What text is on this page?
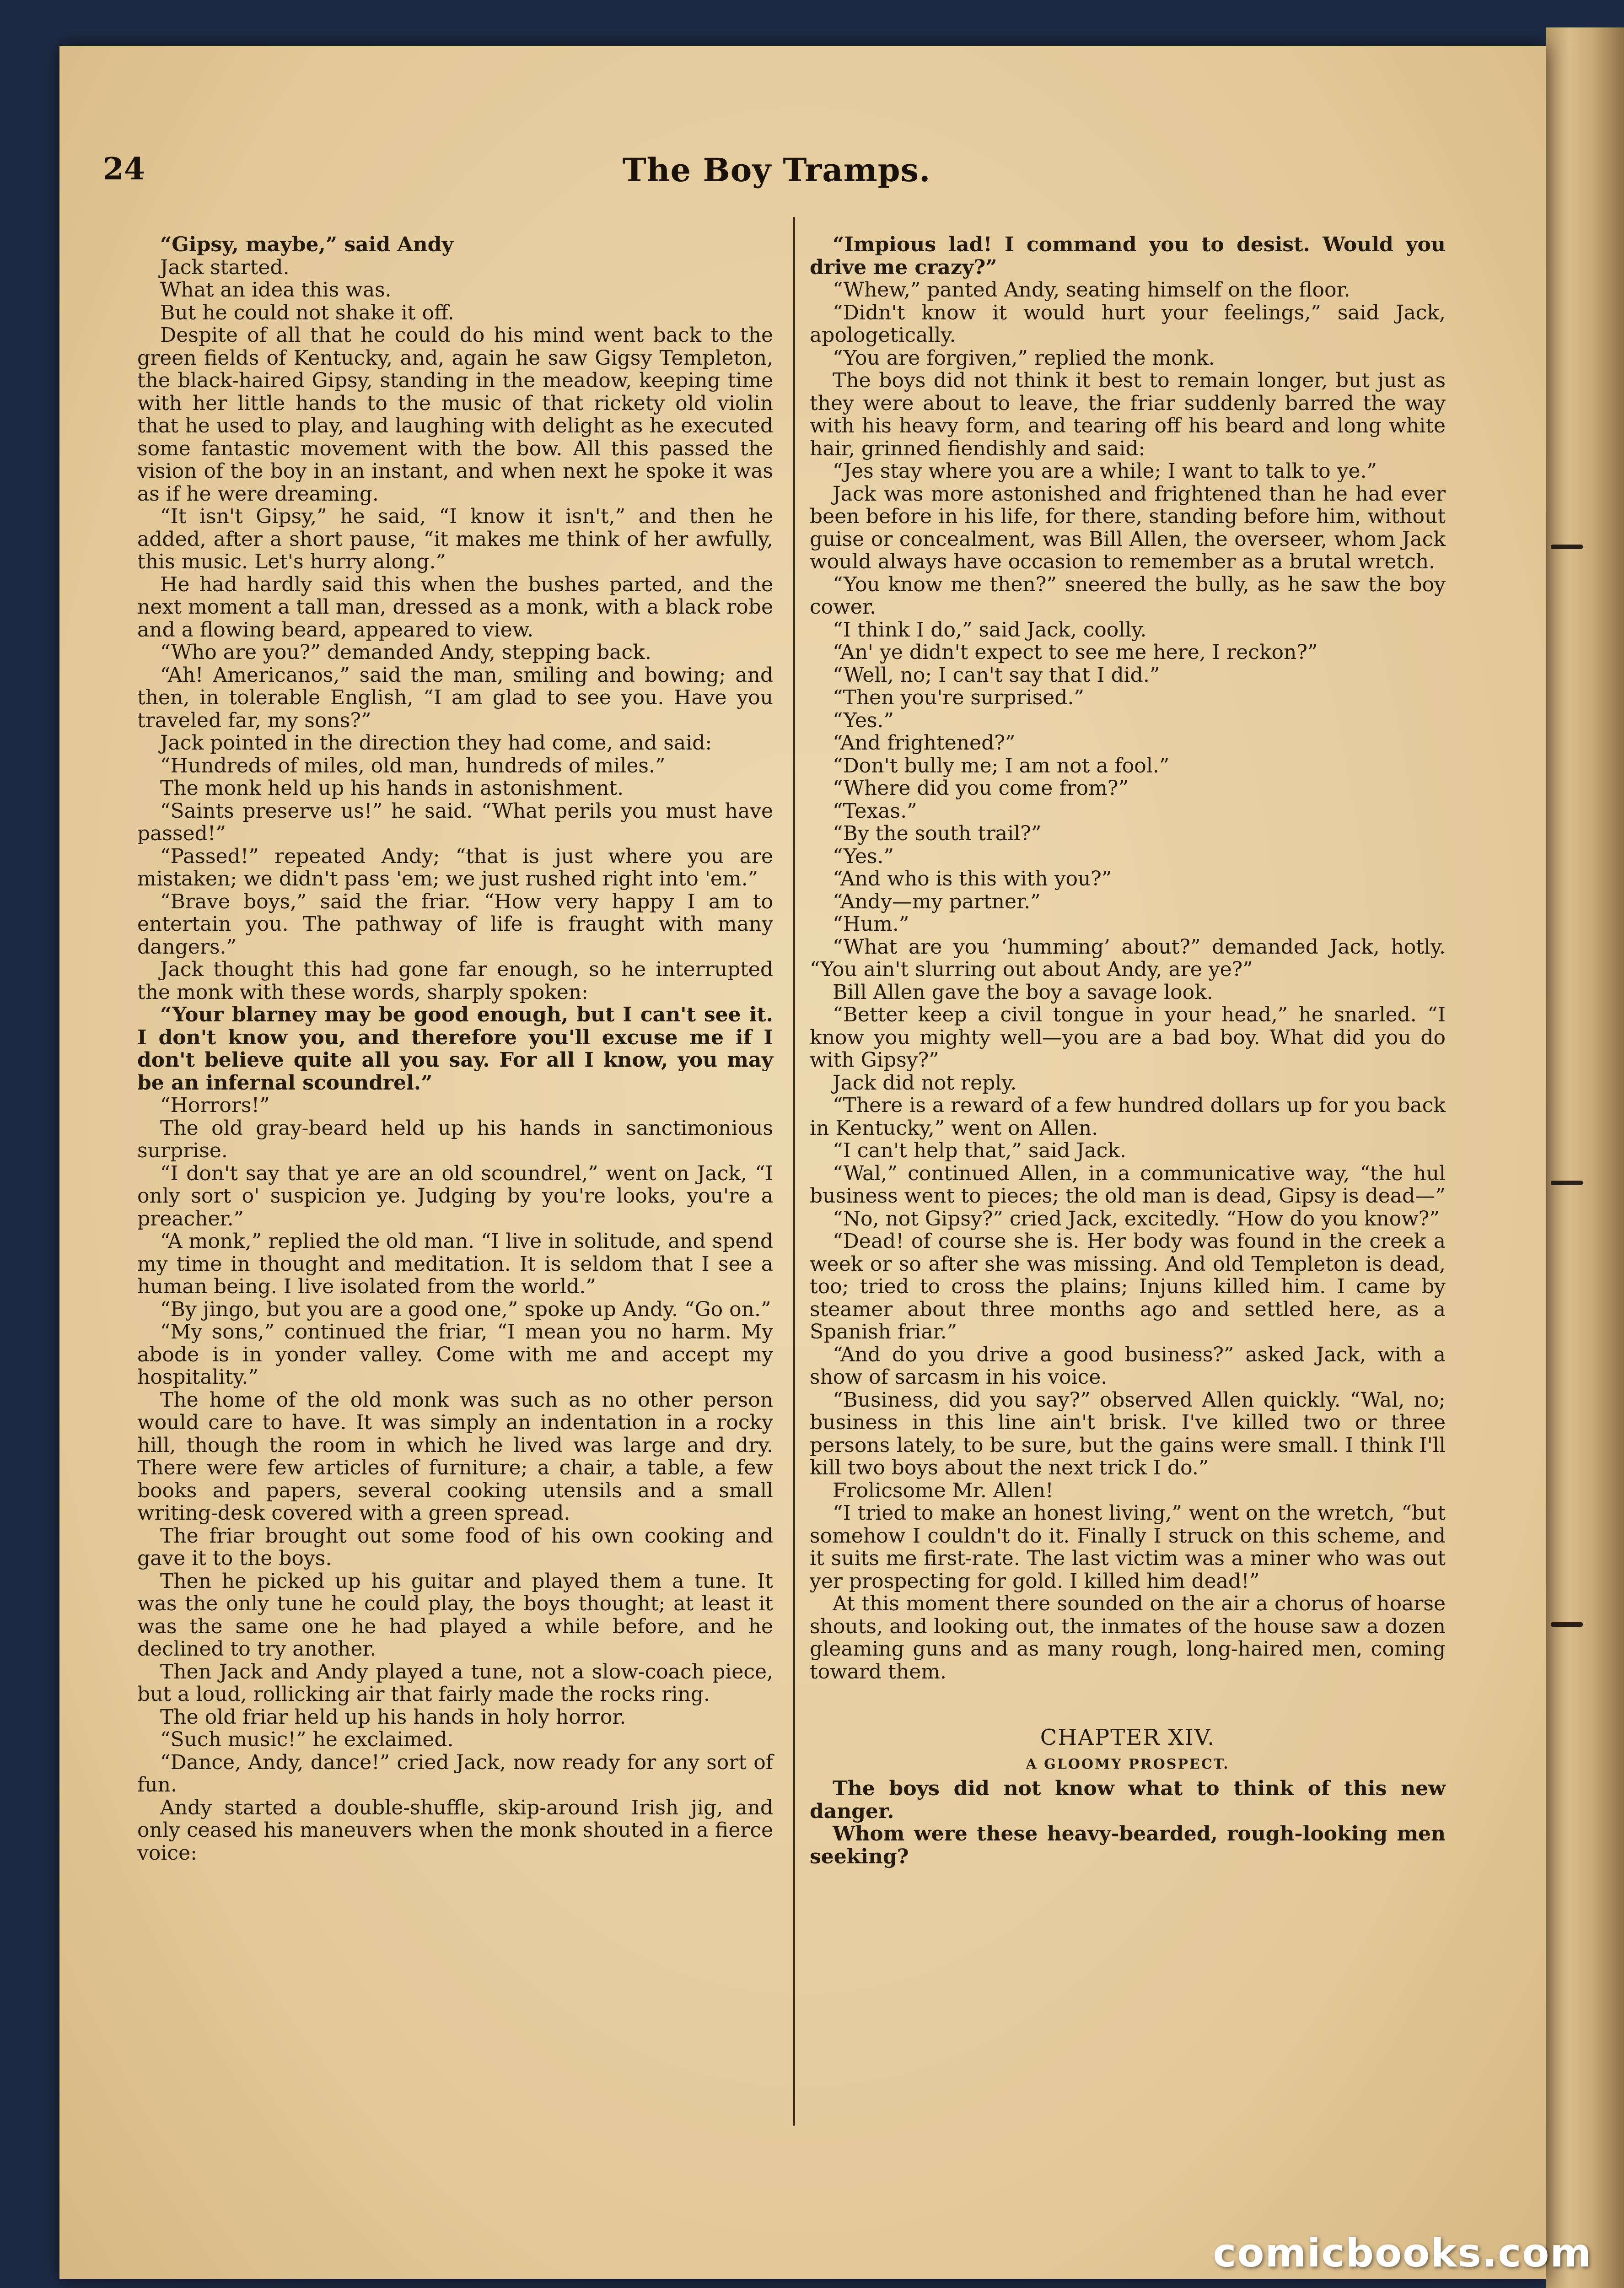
24	The Boy Tramps.

“Gipsy, maybe,” said Andy

Jack started.

What an idea this was.

But he could not shake it off.

Despite of all that he could do his mind went back to the green fields of Kentucky, and, again he saw Gigsy Templeton, the black-haired Gipsy, standing in the meadow, keeping time with her little hands to the music of that rickety old violin that he used to play, and laughing with delight as he executed some fantastic movement with the bow. All this passed the vision of the boy in an instant, and when next he spoke it was as if he were dreaming.

“It isn't Gipsy,” he said, “I know it isn't,” and then he added, after a short pause, “it makes me think of her awfully, this music. Let's hurry along.”

He had hardly said this when the bushes parted, and the next moment a tall man, dressed as a monk, with a black robe and a flowing beard, appeared to view.

“Who are you?” demanded Andy, stepping back.

“Ah! Americanos,” said the man, smiling and bowing; and then, in tolerable English, “I am glad to see you. Have you traveled far, my sons?”

Jack pointed in the direction they had come, and said:

“Hundreds of miles, old man, hundreds of miles.”

The monk held up his hands in astonishment.

“Saints preserve us!” he said. “What perils you must have passed!”

“Passed!” repeated Andy; “that is just where you are mistaken; we didn't pass 'em; we just rushed right into 'em.”

“Brave boys,” said the friar. “How very happy I am to entertain you. The pathway of life is fraught with many dangers.”

Jack thought this had gone far enough, so he interrupted the monk with these words, sharply spoken:

“Your blarney may be good enough, but I can't see it. I don't know you, and therefore you'll excuse me if I don't believe quite all you say. For all I know, you may be an infernal scoundrel.”

“Horrors!”

The old gray-beard held up his hands in sanctimonious surprise.

“I don't say that ye are an old scoundrel,” went on Jack, “I only sort o' suspicion ye. Judging by you're looks, you're a preacher.”

“A monk,” replied the old man. “I live in solitude, and spend my time in thought and meditation. It is seldom that I see a human being. I live isolated from the world.”

“By jingo, but you are a good one,” spoke up Andy. “Go on.”

“My sons,” continued the friar, “I mean you no harm. My abode is in yonder valley. Come with me and accept my hospitality.”

The home of the old monk was such as no other person would care to have. It was simply an indentation in a rocky hill, though the room in which he lived was large and dry. There were few articles of furniture; a chair, a table, a few books and papers, several cooking utensils and a small writing-desk covered with a green spread.

The friar brought out some food of his own cooking and gave it to the boys.

Then he picked up his guitar and played them a tune. It was the only tune he could play, the boys thought; at least it was the same one he had played a while before, and he declined to try another.

Then Jack and Andy played a tune, not a slow-coach piece, but a loud, rollicking air that fairly made the rocks ring.

The old friar held up his hands in holy horror.

“Such music!” he exclaimed.

“Dance, Andy, dance!” cried Jack, now ready for any sort of fun.

Andy started a double-shuffle, skip-around Irish jig, and only ceased his maneuvers when the monk shouted in a fierce voice:

“Impious lad! I command you to desist. Would you drive me crazy?”

“Whew,” panted Andy, seating himself on the floor.

“Didn't know it would hurt your feelings,” said Jack, apologetically.

“You are forgiven,” replied the monk.

The boys did not think it best to remain longer, but just as they were about to leave, the friar suddenly barred the way with his heavy form, and tearing off his beard and long white hair, grinned fiendishly and said:

“Jes stay where you are a while; I want to talk to ye.”

Jack was more astonished and frightened than he had ever been before in his life, for there, standing before him, without guise or concealment, was Bill Allen, the overseer, whom Jack would always have occasion to remember as a brutal wretch.

“You know me then?” sneered the bully, as he saw the boy cower.

“I think I do,” said Jack, coolly.

“An' ye didn't expect to see me here, I reckon?”

“Well, no; I can't say that I did.”

“Then you're surprised.”

“Yes.”

“And frightened?”

“Don't bully me; I am not a fool.”

“Where did you come from?”

“Texas.”

“By the south trail?”

“Yes.”

“And who is this with you?”

“Andy—my partner.”

“Hum.”

“What are you ‘humming’ about?” demanded Jack, hotly. “You ain't slurring out about Andy, are ye?”

Bill Allen gave the boy a savage look.

“Better keep a civil tongue in your head,” he snarled. “I know you mighty well—you are a bad boy. What did you do with Gipsy?”

Jack did not reply.

“There is a reward of a few hundred dollars up for you back in Kentucky,” went on Allen.

“I can't help that,” said Jack.

“Wal,” continued Allen, in a communicative way, “the hul business went to pieces; the old man is dead, Gipsy is dead—”

“No, not Gipsy?” cried Jack, excitedly. “How do you know?”

“Dead! of course she is. Her body was found in the creek a week or so after she was missing. And old Templeton is dead, too; tried to cross the plains; Injuns killed him. I came by steamer about three months ago and settled here, as a Spanish friar.”

“And do you drive a good business?” asked Jack, with a show of sarcasm in his voice.

“Business, did you say?” observed Allen quickly. “Wal, no; business in this line ain't brisk. I've killed two or three persons lately, to be sure, but the gains were small. I think I'll kill two boys about the next trick I do.”

Frolicsome Mr. Allen!

“I tried to make an honest living,” went on the wretch, “but somehow I couldn't do it. Finally I struck on this scheme, and it suits me first-rate. The last victim was a miner who was out yer prospecting for gold. I killed him dead!”

At this moment there sounded on the air a chorus of hoarse shouts, and looking out, the inmates of the house saw a dozen gleaming guns and as many rough, long-haired men, coming toward them.

CHAPTER XIV.
A GLOOMY PROSPECT.

The boys did not know what to think of this new danger.

Whom were these heavy-bearded, rough-looking men seeking?

comicbooks.com
